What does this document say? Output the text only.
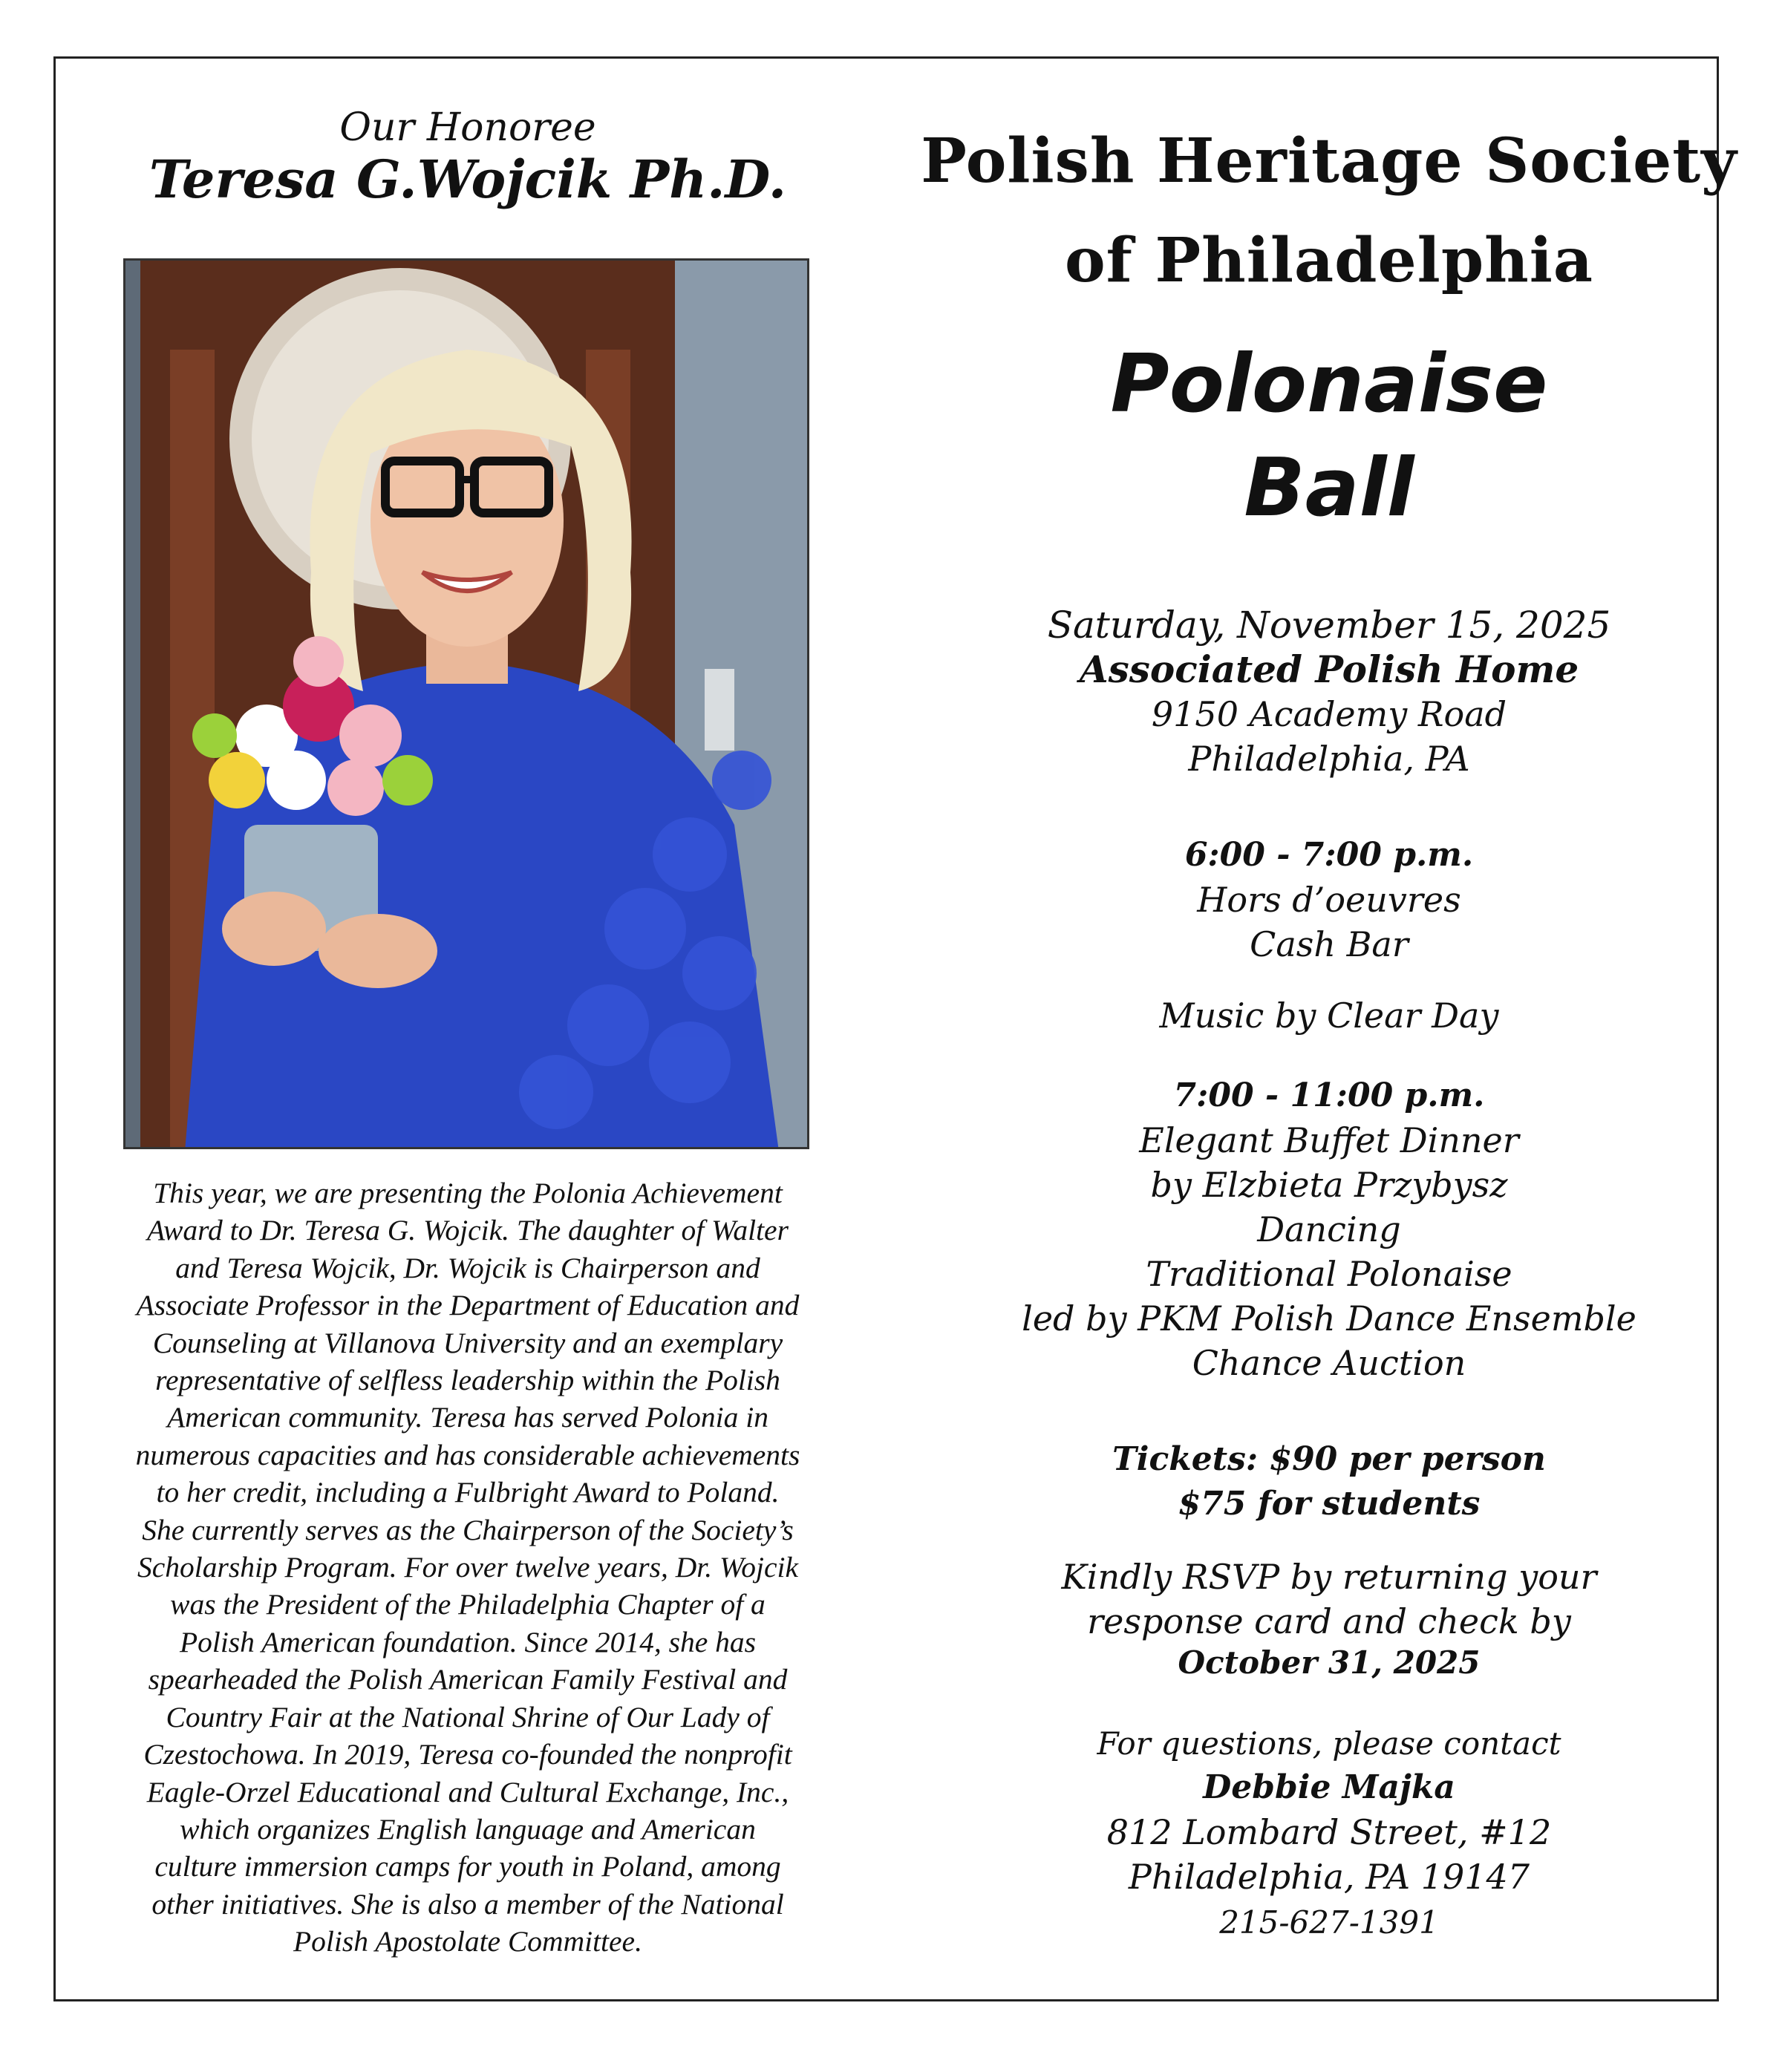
Our Honoree
Teresa G.Wojcik Ph.D.
This year, we are presenting the Polonia Achievement
Award to Dr. Teresa G. Wojcik. The daughter of Walter
and Teresa Wojcik, Dr. Wojcik is Chairperson and
Associate Professor in the Department of Education and
Counseling at Villanova University and an exemplary
representative of selfless leadership within the Polish
American community. Teresa has served Polonia in
numerous capacities and has considerable achievements
to her credit, including a Fulbright Award to Poland.
She currently serves as the Chairperson of the Society’s
Scholarship Program. For over twelve years, Dr. Wojcik
was the President of the Philadelphia Chapter of a
Polish American foundation. Since 2014, she has
spearheaded the Polish American Family Festival and
Country Fair at the National Shrine of Our Lady of
Czestochowa. In 2019, Teresa co-founded the nonprofit
Eagle-Orzel Educational and Cultural Exchange, Inc.,
which organizes English language and American
culture immersion camps for youth in Poland, among
other initiatives. She is also a member of the National
Polish Apostolate Committee.
Polish Heritage Society
of Philadelphia
Polonaise
Ball
Saturday, November 15, 2025
Associated Polish Home
9150 Academy Road
Philadelphia, PA
6:00 - 7:00 p.m.
Hors d’oeuvres
Cash Bar
Music by Clear Day
7:00 - 11:00 p.m.
Elegant Buffet Dinner
by Elzbieta Przybysz
Dancing
Traditional Polonaise
led by PKM Polish Dance Ensemble
Chance Auction
Tickets: $90 per person
$75 for students
Kindly RSVP by returning your
response card and check by
October 31, 2025
For questions, please contact
Debbie Majka
812 Lombard Street, #12
Philadelphia, PA 19147
215-627-1391
